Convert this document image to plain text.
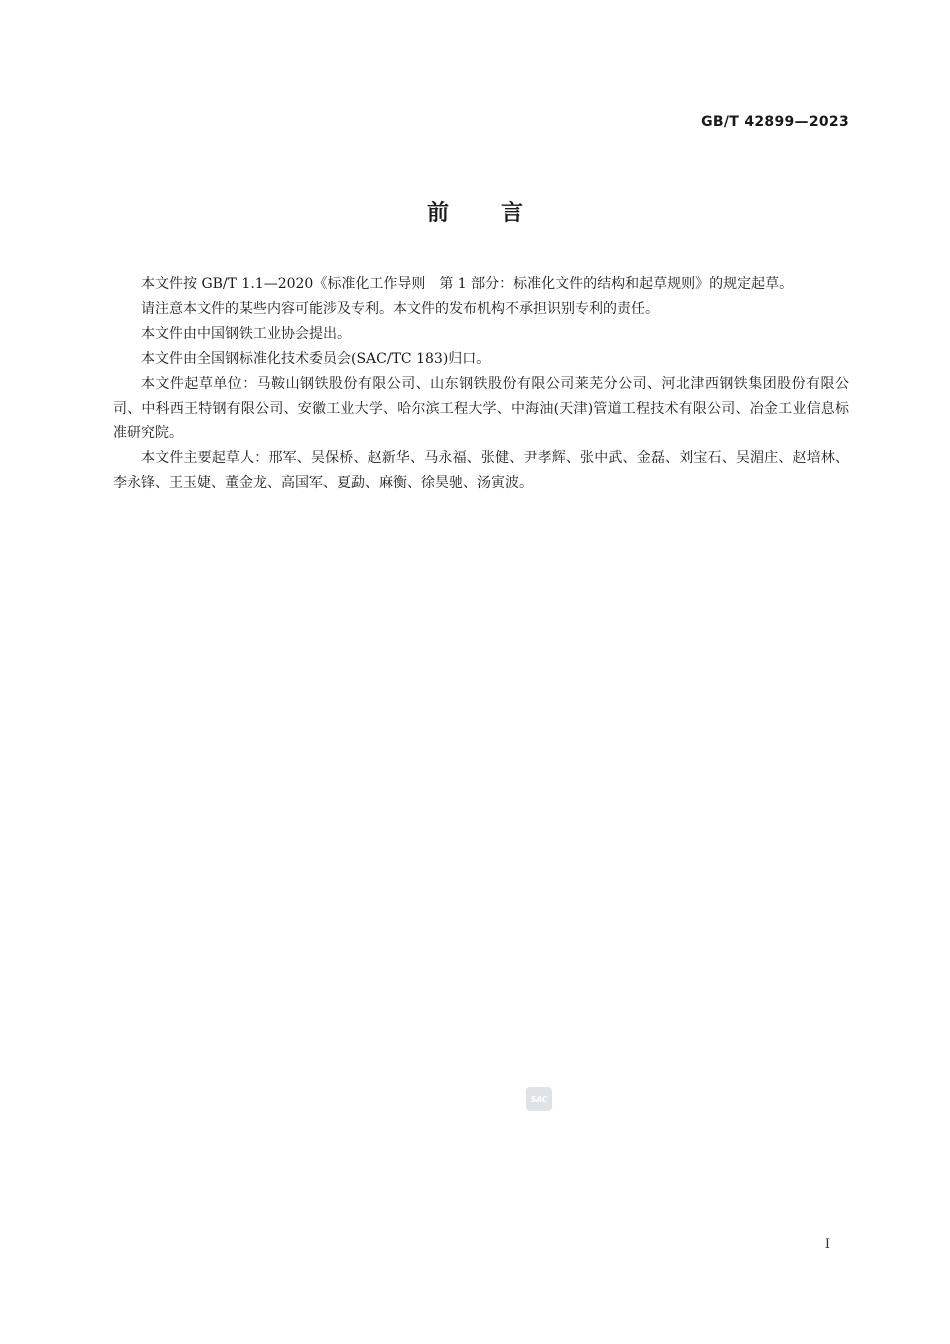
GB/T 42899—2023
前言

本文件按 GB/T 1.1—2020《标准化工作导则　第 1 部分：标准化文件的结构和起草规则》的规定起草。

请注意本文件的某些内容可能涉及专利。本文件的发布机构不承担识别专利的责任。

本文件由中国钢铁工业协会提出。

本文件由全国钢标准化技术委员会(SAC/TC 183)归口。

本文件起草单位：马鞍山钢铁股份有限公司、山东钢铁股份有限公司莱芜分公司、河北津西钢铁集团股份有限公司、中科西王特钢有限公司、安徽工业大学、哈尔滨工程大学、中海油(天津)管道工程技术有限公司、冶金工业信息标准研究院。

本文件主要起草人：邢军、吴保桥、赵新华、马永福、张健、尹孝辉、张中武、金磊、刘宝石、吴湄庄、赵培林、李永锋、王玉婕、董金龙、高国军、夏勐、麻衡、徐昊驰、汤寅波。

SAC
I
